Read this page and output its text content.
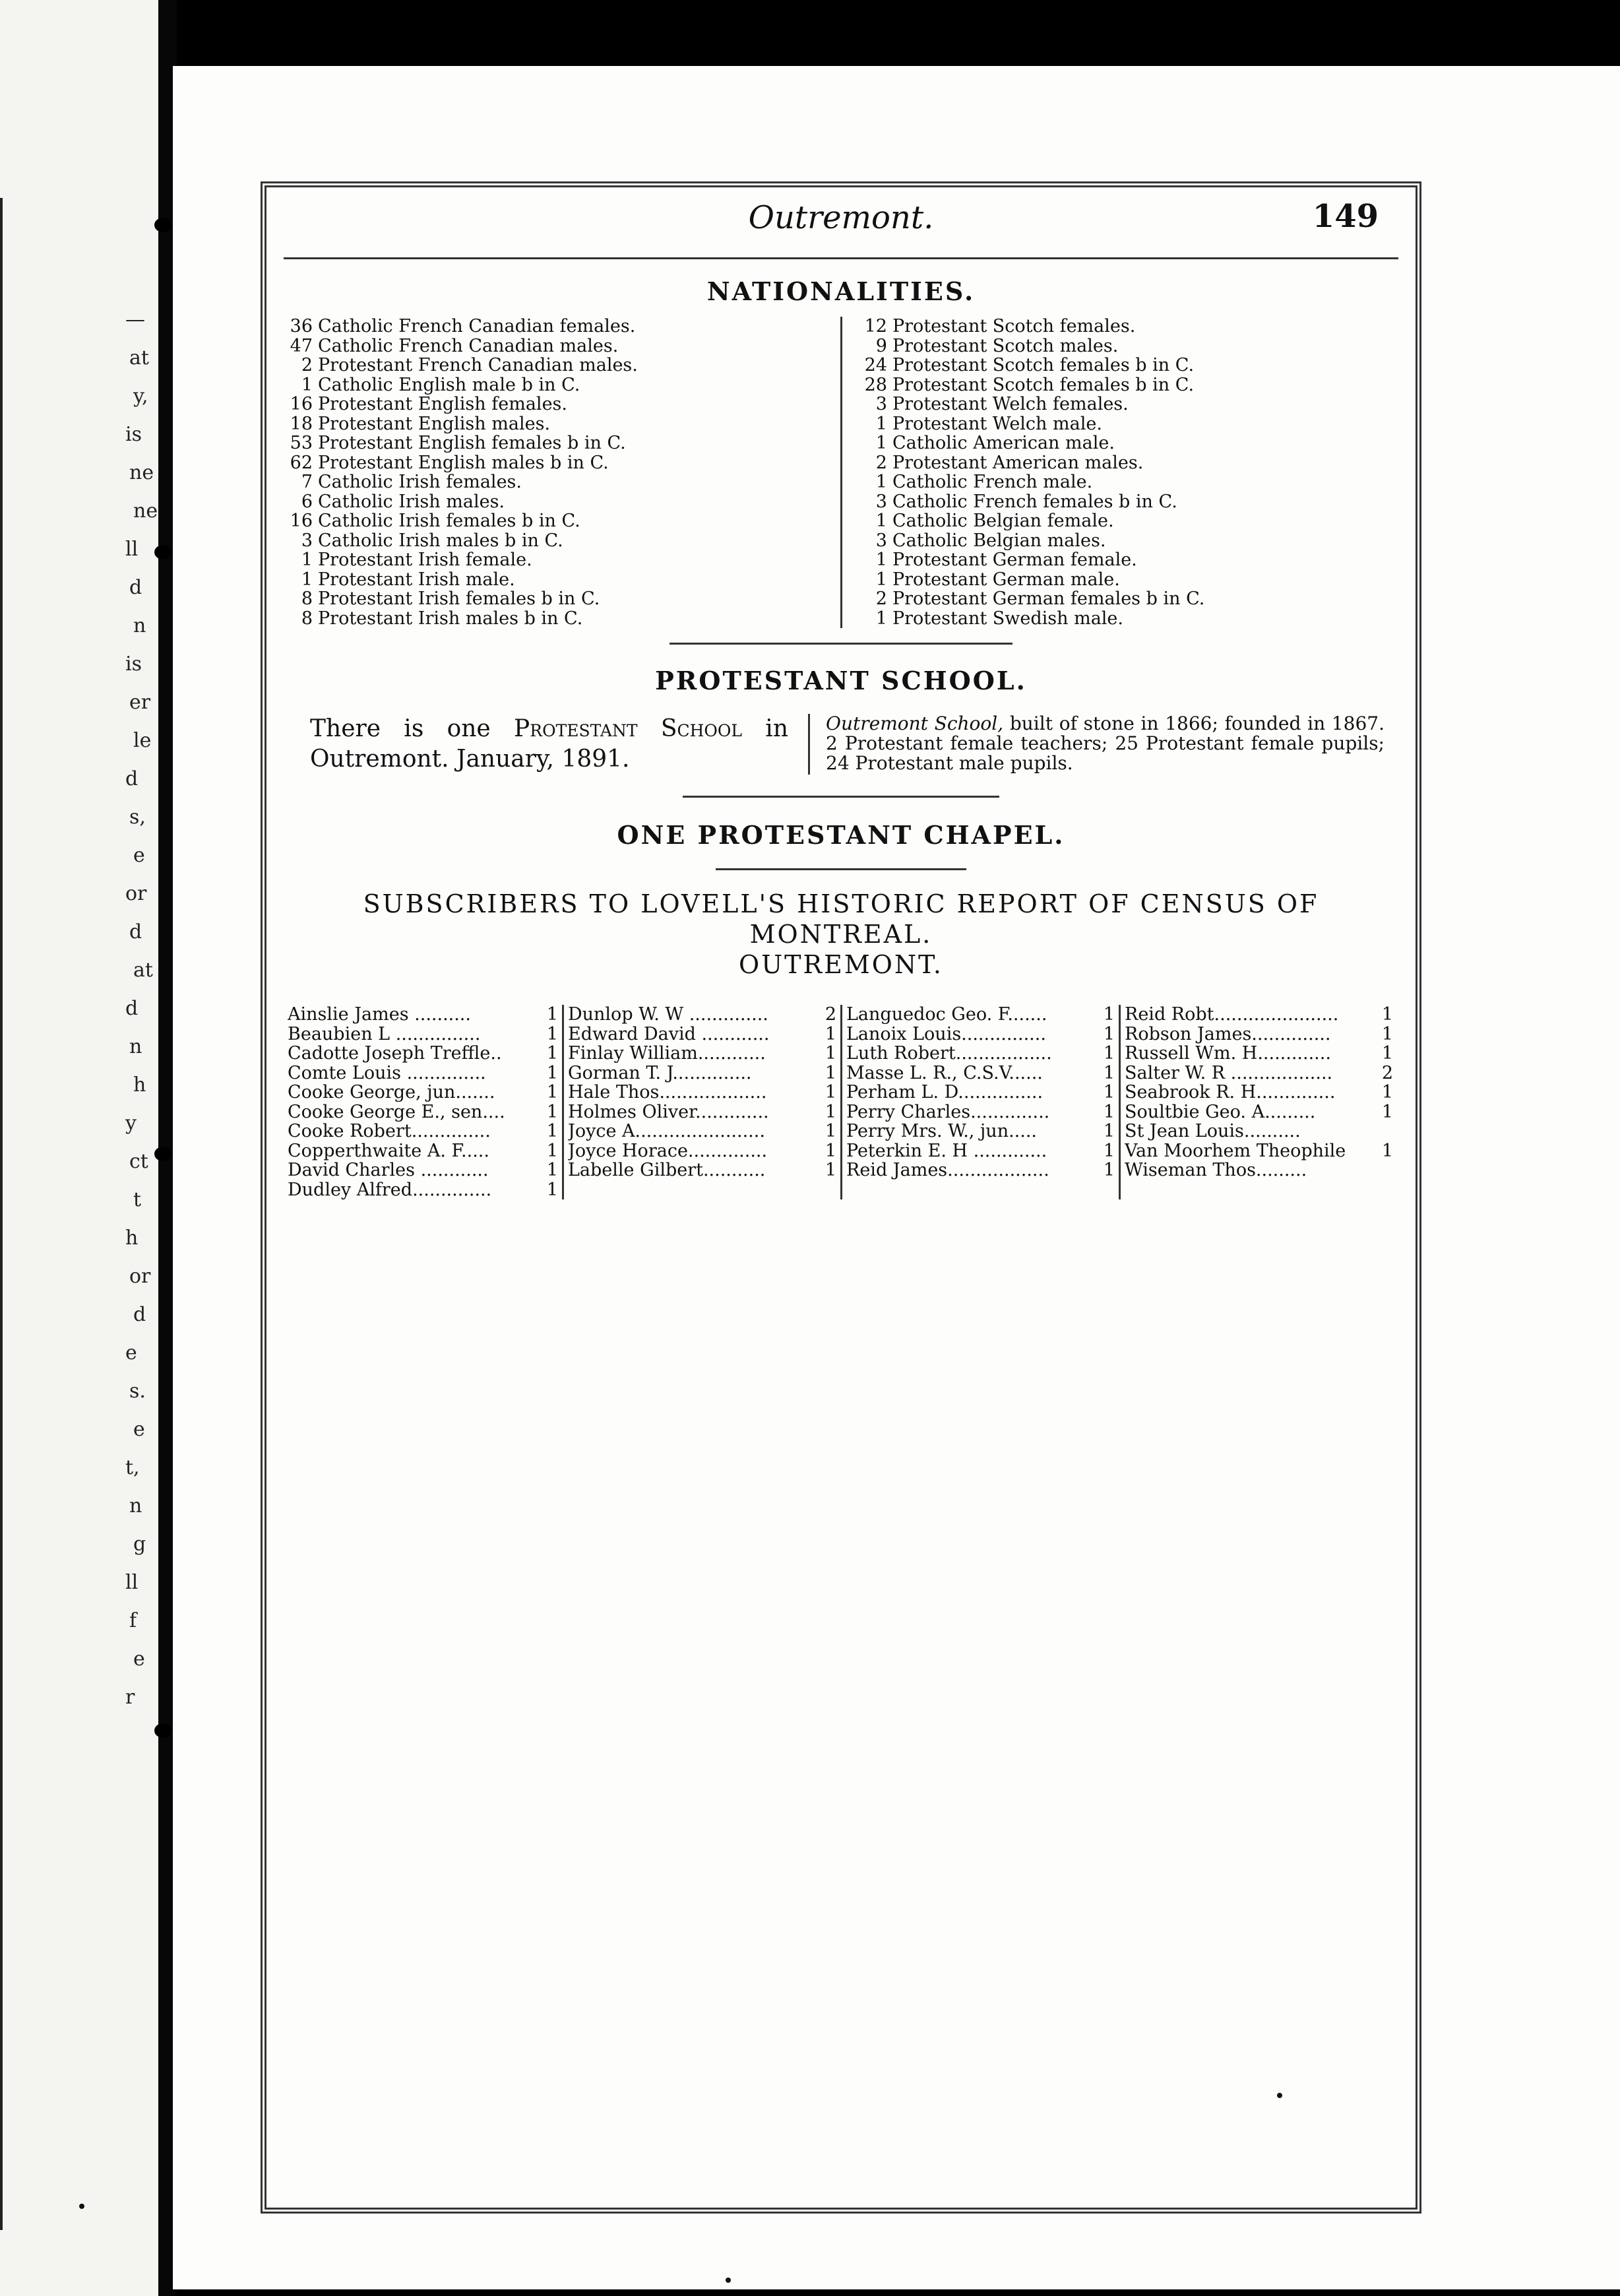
—
at
y,
is
ne
ne
ll
d
n
is
er
le
d
s,
e
or
d
at
d
n
h
y
ct
t
h
or
d
e
s.
e
t,
n
g
ll
f
e
r
Outremont.	149
NATIONALITIES.
36 Catholic French Canadian females.
47 Catholic French Canadian males.
2 Protestant French Canadian males.
1 Catholic English male b in C.
16 Protestant English females.
18 Protestant English males.
53 Protestant English females b in C.
62 Protestant English males b in C.
7 Catholic Irish females.
6 Catholic Irish males.
16 Catholic Irish females b in C.
3 Catholic Irish males b in C.
1 Protestant Irish female.
1 Protestant Irish male.
8 Protestant Irish females b in C.
8 Protestant Irish males b in C.
12 Protestant Scotch females.
9 Protestant Scotch males.
24 Protestant Scotch females b in C.
28 Protestant Scotch females b in C.
3 Protestant Welch females.
1 Protestant Welch male.
1 Catholic American male.
2 Protestant American males.
1 Catholic French male.
3 Catholic French females b in C.
1 Catholic Belgian female.
3 Catholic Belgian males.
1 Protestant German female.
1 Protestant German male.
2 Protestant German females b in C.
1 Protestant Swedish male.
PROTESTANT SCHOOL.
There is one Protestant School in Outremont. January, 1891.
Outremont School, built of stone in 1866; founded in 1867. 2 Protestant female teachers; 25 Protestant female pupils; 24 Protestant male pupils.
ONE PROTESTANT CHAPEL.
SUBSCRIBERS TO LOVELL'S HISTORIC REPORT OF CENSUS OF MONTREAL.
OUTREMONT.
Ainslie James ..........	1
Beaubien L ...............	1
Cadotte Joseph Treffle..	1
Comte Louis ..............	1
Cooke George, jun.......	1
Cooke George E., sen....	1
Cooke Robert..............	1
Copperthwaite A. F.....	1
David Charles ............	1
Dudley Alfred..............	1
Dunlop W. W ..............	2
Edward David ............	1
Finlay William............	1
Gorman T. J..............	1
Hale Thos...................	1
Holmes Oliver.............	1
Joyce A.......................	1
Joyce Horace..............	1
Labelle Gilbert...........	1
Languedoc Geo. F.......	1
Lanoix Louis...............	1
Luth Robert.................	1
Masse L. R., C.S.V......	1
Perham L. D...............	1
Perry Charles..............	1
Perry Mrs. W., jun.....	1
Peterkin E. H .............	1
Reid James..................	1
Reid Robt......................	1
Robson James..............	1
Russell Wm. H.............	1
Salter W. R ..................	2
Seabrook R. H..............	1
Soultbie Geo. A.........	1
St Jean Louis..........
Van Moorhem Theophile	1
Wiseman Thos.........
